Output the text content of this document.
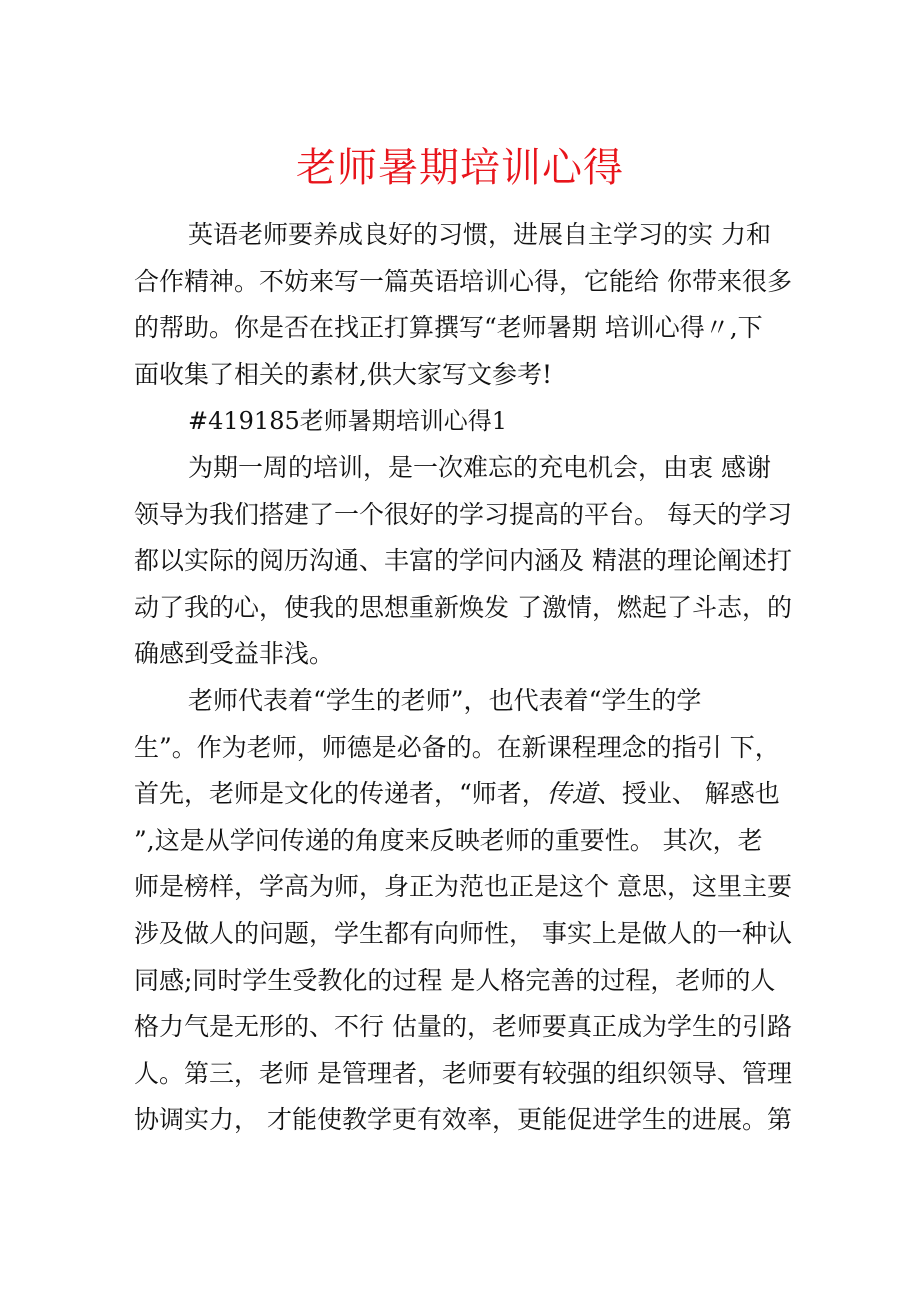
老师暑期培训心得
英语老师要养成良好的习惯，进展自主学习的实 力和
合作精神。不妨来写一篇英语培训心得，它能给 你带来很多
的帮助。你是否在找正打算撰写“老师暑期 培训心得〃,下
面收集了相关的素材,供大家写文参考!
#419185老师暑期培训心得1
为期一周的培训，是一次难忘的充电机会，由衷 感谢
领导为我们搭建了一个很好的学习提高的平台。 每天的学习
都以实际的阅历沟通、丰富的学问内涵及 精湛的理论阐述打
动了我的心，使我的思想重新焕发 了激情，燃起了斗志，的
确感到受益非浅。
老师代表着“学生的老师”，也代表着“学生的学
生”。作为老师，师德是必备的。在新课程理念的指引 下，
首先，老师是文化的传递者，“师者，传道、授业、 解惑也
”,这是从学问传递的角度来反映老师的重要性。 其次，老
师是榜样，学高为师，身正为范也正是这个 意思，这里主要
涉及做人的问题，学生都有向师性， 事实上是做人的一种认
同感;同时学生受教化的过程 是人格完善的过程，老师的人
格力气是无形的、不行 估量的，老师要真正成为学生的引路
人。第三，老师 是管理者，老师要有较强的组织领导、管理
协调实力， 才能使教学更有效率，更能促进学生的进展。第
